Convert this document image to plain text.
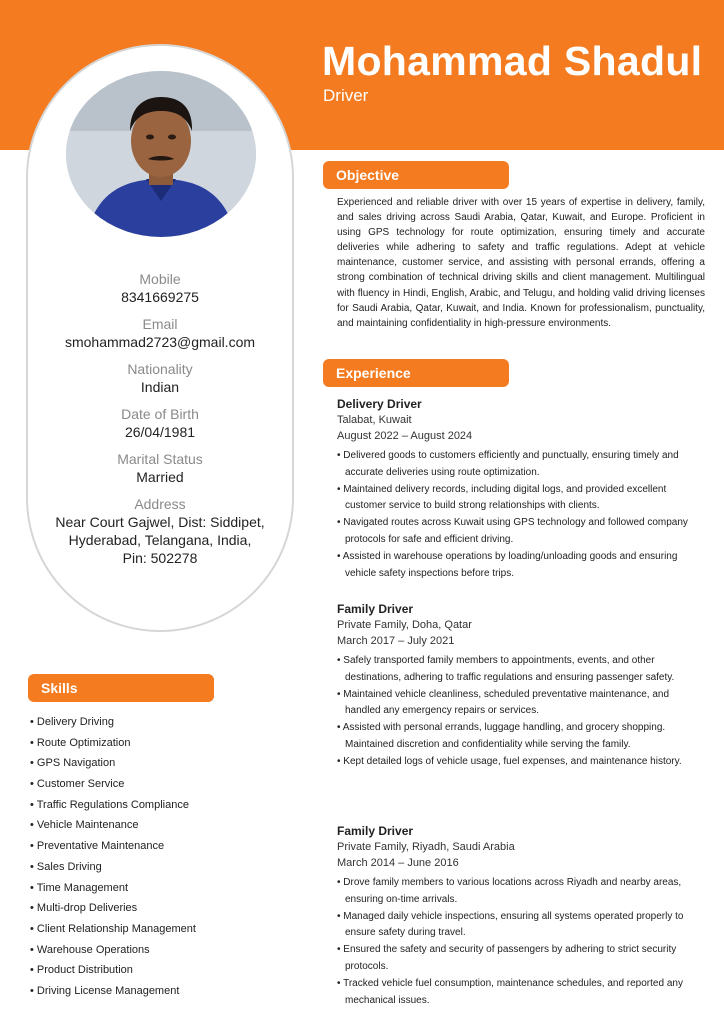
Mohammad Shadul
Driver
Mobile
8341669275
Email
smohammad2723@gmail.com
Nationality
Indian
Date of Birth
26/04/1981
Marital Status
Married
Address
Near Court Gajwel, Dist: Siddipet,
Hyderabad, Telangana, India,
Pin: 502278
Skills
• Delivery Driving
• Route Optimization
• GPS Navigation
• Customer Service
• Traffic Regulations Compliance
• Vehicle Maintenance
• Preventative Maintenance
• Sales Driving
• Time Management
• Multi-drop Deliveries
• Client Relationship Management
• Warehouse Operations
• Product Distribution
• Driving License Management
Objective
Experienced and reliable driver with over 15 years of expertise in delivery, family, and sales driving across Saudi Arabia, Qatar, Kuwait, and Europe. Proficient in using GPS technology for route optimization, ensuring timely and accurate deliveries while adhering to safety and traffic regulations. Adept at vehicle maintenance, customer service, and assisting with personal errands, offering a strong combination of technical driving skills and client management. Multilingual with fluency in Hindi, English, Arabic, and Telugu, and holding valid driving licenses for Saudi Arabia, Qatar, Kuwait, and India. Known for professionalism, punctuality, and maintaining confidentiality in high-pressure environments.
Experience
Delivery Driver
Talabat, Kuwait
August 2022 – August 2024
• Delivered goods to customers efficiently and punctually, ensuring timely and accurate deliveries using route optimization.
• Maintained delivery records, including digital logs, and provided excellent customer service to build strong relationships with clients.
• Navigated routes across Kuwait using GPS technology and followed company protocols for safe and efficient driving.
• Assisted in warehouse operations by loading/unloading goods and ensuring vehicle safety inspections before trips.
Family Driver
Private Family, Doha, Qatar
March 2017 – July 2021
• Safely transported family members to appointments, events, and other destinations, adhering to traffic regulations and ensuring passenger safety.
• Maintained vehicle cleanliness, scheduled preventative maintenance, and handled any emergency repairs or services.
• Assisted with personal errands, luggage handling, and grocery shopping. Maintained discretion and confidentiality while serving the family.
• Kept detailed logs of vehicle usage, fuel expenses, and maintenance history.
Family Driver
Private Family, Riyadh, Saudi Arabia
March 2014 – June 2016
• Drove family members to various locations across Riyadh and nearby areas, ensuring on-time arrivals.
• Managed daily vehicle inspections, ensuring all systems operated properly to ensure safety during travel.
• Ensured the safety and security of passengers by adhering to strict security protocols.
• Tracked vehicle fuel consumption, maintenance schedules, and reported any mechanical issues.
